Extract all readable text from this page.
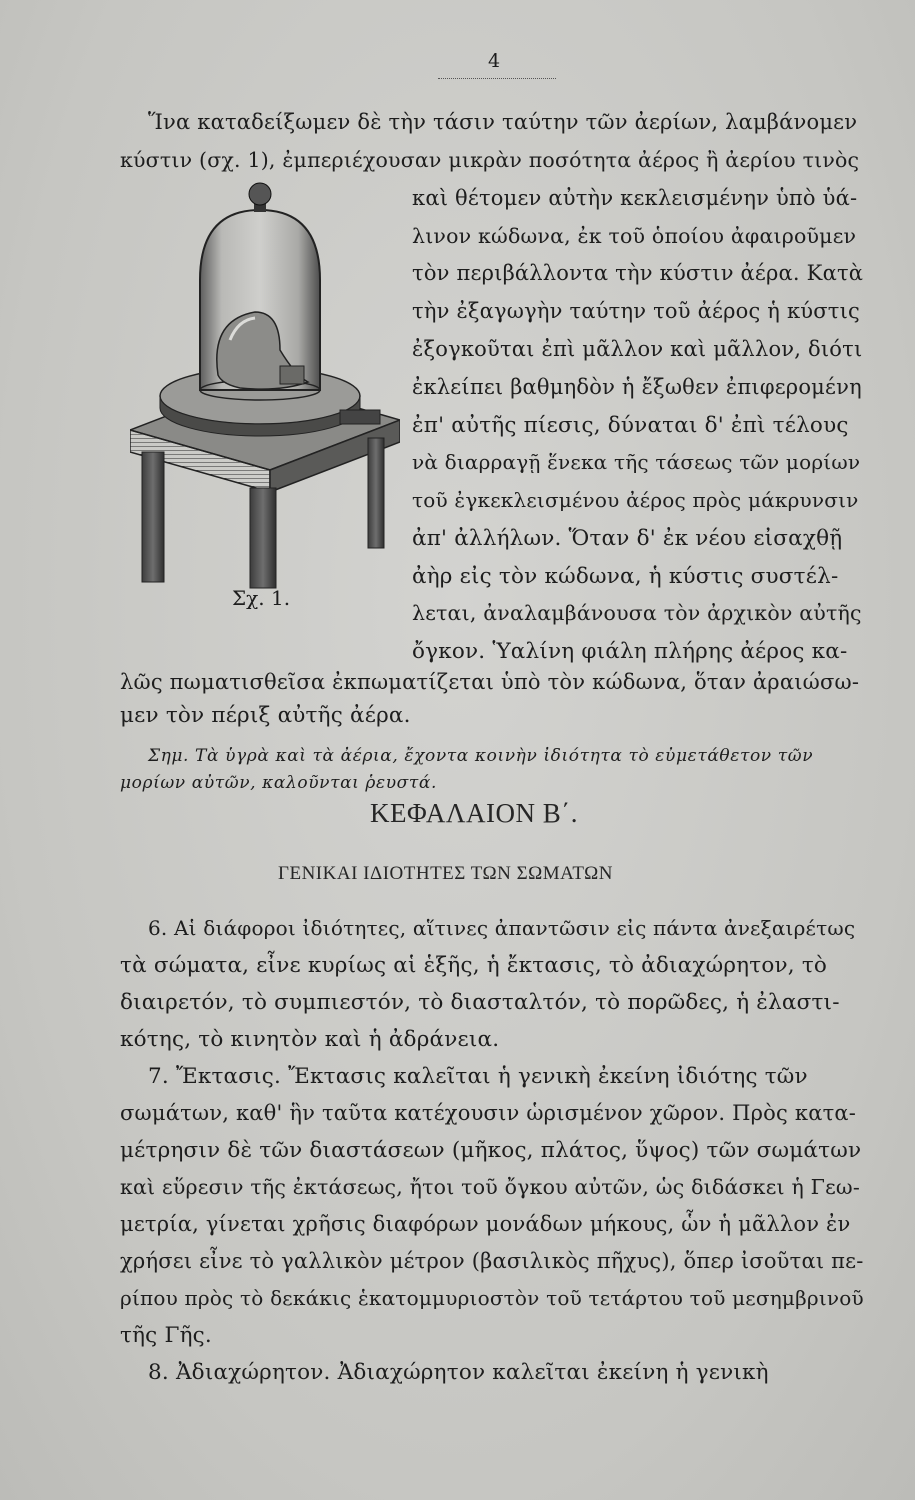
4
Σχ. 1.
Ἵνα καταδείξωμεν δὲ τὴν τάσιν ταύτην τῶν ἀερίων, λαμβάνομεν
κύστιν (σχ. 1), ἐμπεριέχουσαν μικρὰν ποσότητα ἀέρος ἢ ἀερίου τινὸς
καὶ θέτομεν αὐτὴν κεκλεισμένην ὑπὸ ὑά-
λινον κώδωνα, ἐκ τοῦ ὁποίου ἀφαιροῦμεν
τὸν περιβάλλοντα τὴν κύστιν ἀέρα. Κατὰ
τὴν ἐξαγωγὴν ταύτην τοῦ ἀέρος ἡ κύστις
ἐξογκοῦται ἐπὶ μᾶλλον καὶ μᾶλλον, διότι
ἐκλείπει βαθμηδὸν ἡ ἔξωθεν ἐπιφερομένη
ἐπ' αὐτῆς πίεσις, δύναται δ' ἐπὶ τέλους
νὰ διαρραγῇ ἕνεκα τῆς τάσεως τῶν μορίων
τοῦ ἐγκεκλεισμένου ἀέρος πρὸς μάκρυνσιν
ἀπ' ἀλλήλων. Ὅταν δ' ἐκ νέου εἰσαχθῇ
ἀὴρ εἰς τὸν κώδωνα, ἡ κύστις συστέλ-
λεται, ἀναλαμβάνουσα τὸν ἀρχικὸν αὐτῆς
ὄγκον. Ὑαλίνη φιάλη πλήρης ἀέρος κα-
λῶς πωματισθεῖσα ἐκπωματίζεται ὑπὸ τὸν κώδωνα, ὅταν ἀραιώσω-
μεν τὸν πέριξ αὐτῆς ἀέρα.
Σημ. Τὰ ὑγρὰ καὶ τὰ ἀέρια, ἔχοντα κοινὴν ἰδιότητα τὸ εὐμετάθετον τῶν
μορίων αὐτῶν, καλοῦνται ῥευστά.
ΚΕΦΑΛΑΙΟΝ Β΄.
ΓΕΝΙΚΑΙ ΙΔΙΟΤΗΤΕΣ ΤΩΝ ΣΩΜΑΤΩΝ
6. Αἱ διάφοροι ἰδιότητες, αἵτινες ἀπαντῶσιν εἰς πάντα ἀνεξαιρέτως
τὰ σώματα, εἶνε κυρίως αἱ ἑξῆς, ἡ ἔκτασις, τὸ ἀδιαχώρητον, τὸ
διαιρετόν, τὸ συμπιεστόν, τὸ διασταλτόν, τὸ πορῶδες, ἡ ἐλαστι-
κότης, τὸ κινητὸν καὶ ἡ ἀδράνεια.
7. Ἔκτασις. Ἔκτασις καλεῖται ἡ γενικὴ ἐκείνη ἰδιότης τῶν
σωμάτων, καθ' ἣν ταῦτα κατέχουσιν ὡρισμένον χῶρον. Πρὸς κατα-
μέτρησιν δὲ τῶν διαστάσεων (μῆκος, πλάτος, ὕψος) τῶν σωμάτων
καὶ εὕρεσιν τῆς ἐκτάσεως, ἤτοι τοῦ ὄγκου αὐτῶν, ὡς διδάσκει ἡ Γεω-
μετρία, γίνεται χρῆσις διαφόρων μονάδων μήκους, ὧν ἡ μᾶλλον ἐν
χρήσει εἶνε τὸ γαλλικὸν μέτρον (βασιλικὸς πῆχυς), ὅπερ ἰσοῦται πε-
ρίπου πρὸς τὸ δεκάκις ἑκατομμυριοστὸν τοῦ τετάρτου τοῦ μεσημβρινοῦ
τῆς Γῆς.
8. Ἀδιαχώρητον. Ἀδιαχώρητον καλεῖται ἐκείνη ἡ γενικὴ
